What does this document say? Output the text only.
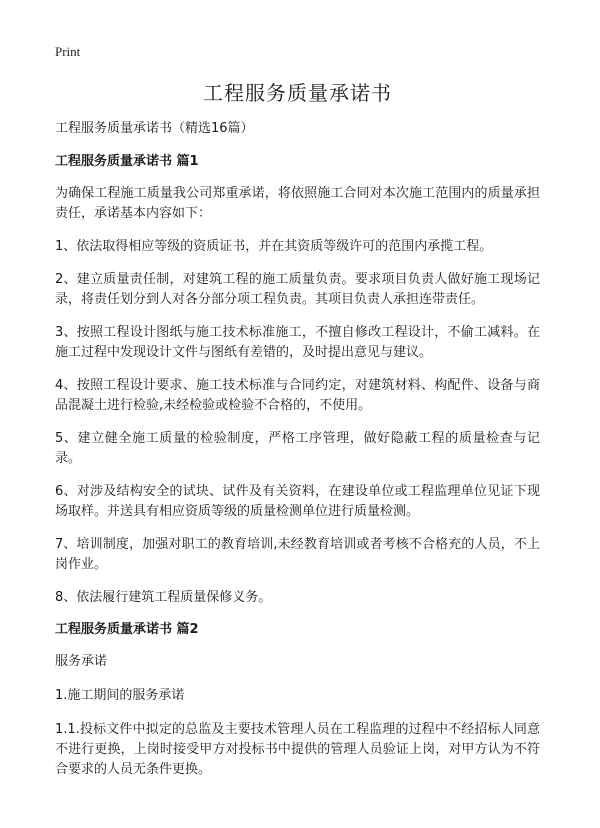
Print
工程服务质量承诺书
工程服务质量承诺书（精选16篇）
工程服务质量承诺书 篇1
为确保工程施工质量我公司郑重承诺，将依照施工合同对本次施工范围内的质量承担责任，承诺基本内容如下：
1、依法取得相应等级的资质证书，并在其资质等级许可的范围内承揽工程。
2、建立质量责任制，对建筑工程的施工质量负责。要求项目负责人做好施工现场记录，将责任划分到人对各分部分项工程负责。其项目负责人承担连带责任。
3、按照工程设计图纸与施工技术标准施工，不擅自修改工程设计，不偷工减料。在施工过程中发现设计文件与图纸有差错的，及时提出意见与建议。
4、按照工程设计要求、施工技术标准与合同约定，对建筑材料、构配件、设备与商品混凝土进行检验,未经检验或检验不合格的，不使用。
5、建立健全施工质量的检验制度，严格工序管理，做好隐蔽工程的质量检查与记录。
6、对涉及结构安全的试块、试件及有关资料，在建设单位或工程监理单位见证下现场取样。并送具有相应资质等级的质量检测单位进行质量检测。
7、培训制度，加强对职工的教育培训,未经教育培训或者考核不合格充的人员，不上岗作业。
8、依法履行建筑工程质量保修义务。
工程服务质量承诺书 篇2
服务承诺
1.施工期间的服务承诺
1.1.投标文件中拟定的总监及主要技术管理人员在工程监理的过程中不经招标人同意不进行更换，上岗时接受甲方对投标书中提供的管理人员验证上岗，对甲方认为不符合要求的人员无条件更换。
